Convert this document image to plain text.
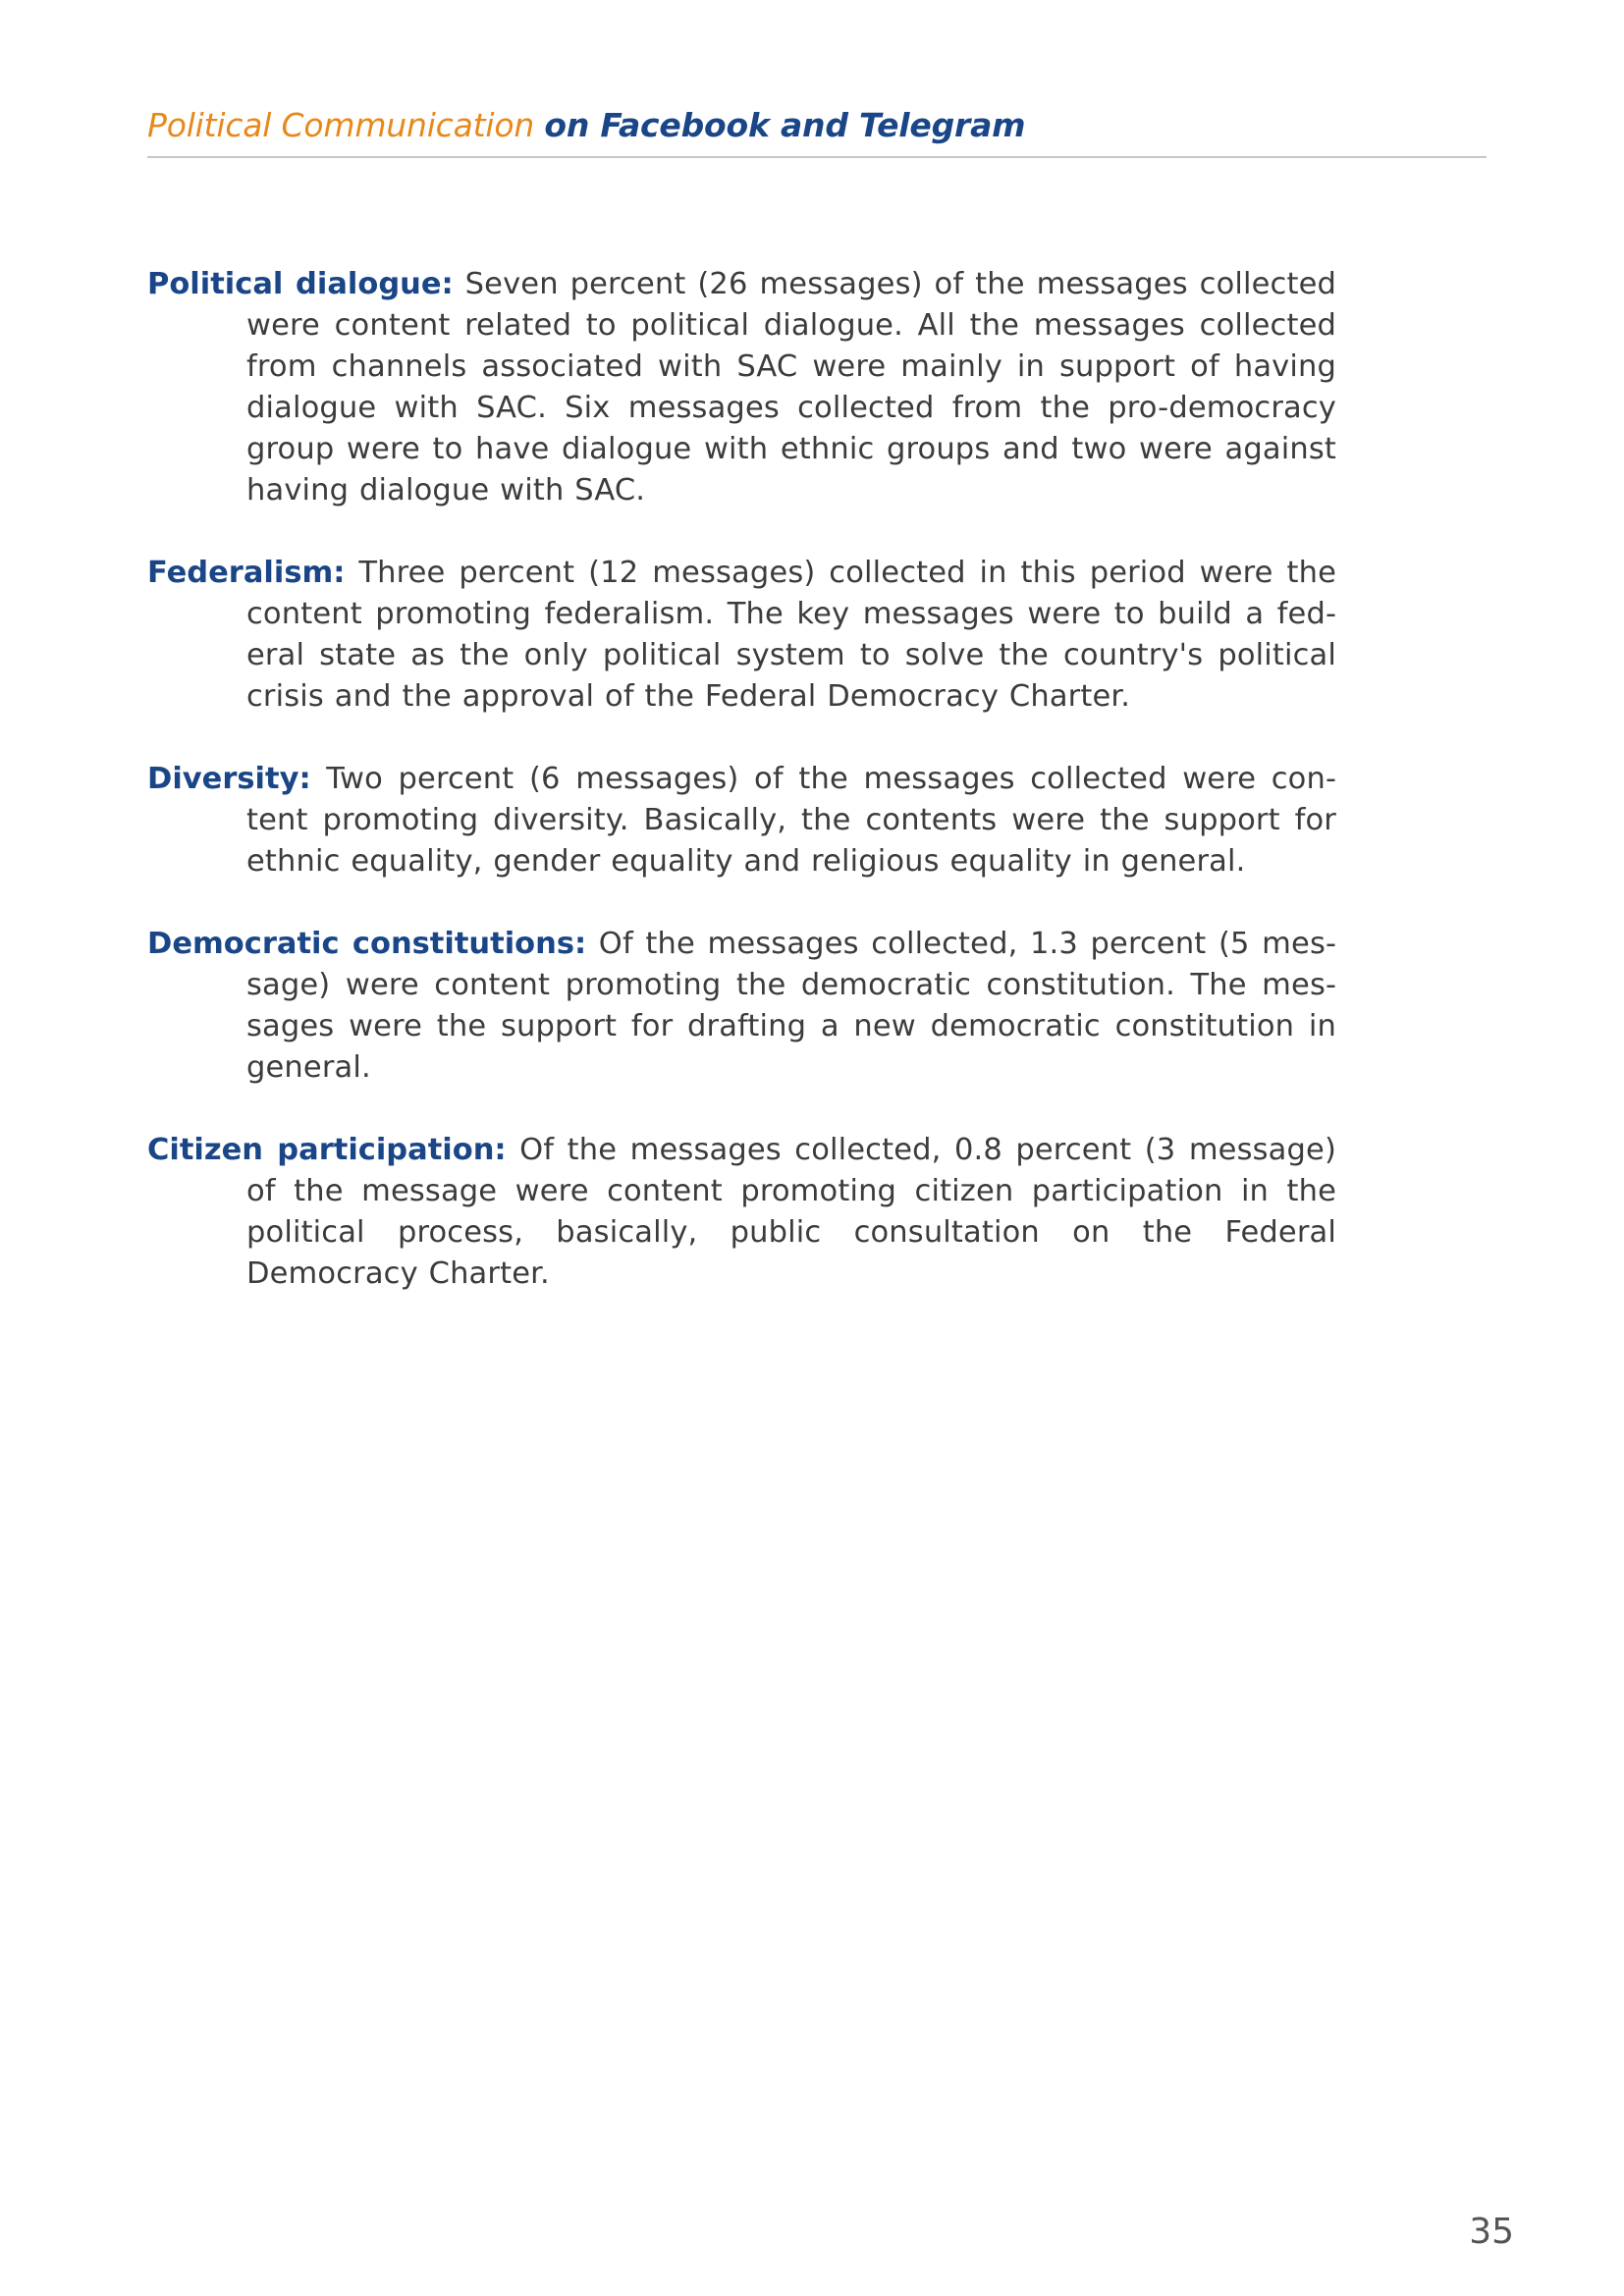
Political Communication on Facebook and Telegram

Political dialogue: Seven percent (26 messages) of the messages collected were content related to political dialogue. All the messages collected from channels associated with SAC were mainly in support of having dialogue with SAC. Six messages collected from the pro-democracy group were to have dialogue with ethnic groups and two were against having dialogue with SAC.

Federalism: Three percent (12 messages) collected in this period were the content promoting federalism. The key messages were to build a federal state as the only political system to solve the country's political crisis and the approval of the Federal Democracy Charter.

Diversity: Two percent (6 messages) of the messages collected were content promoting diversity. Basically, the contents were the support for ethnic equality, gender equality and religious equality in general.

Democratic constitutions: Of the messages collected, 1.3 percent (5 message) were content promoting the democratic constitution. The messages were the support for drafting a new democratic constitution in general.

Citizen participation: Of the messages collected, 0.8 percent (3 message) of the message were content promoting citizen participation in the political process, basically, public consultation on the Federal Democracy Charter.

35
